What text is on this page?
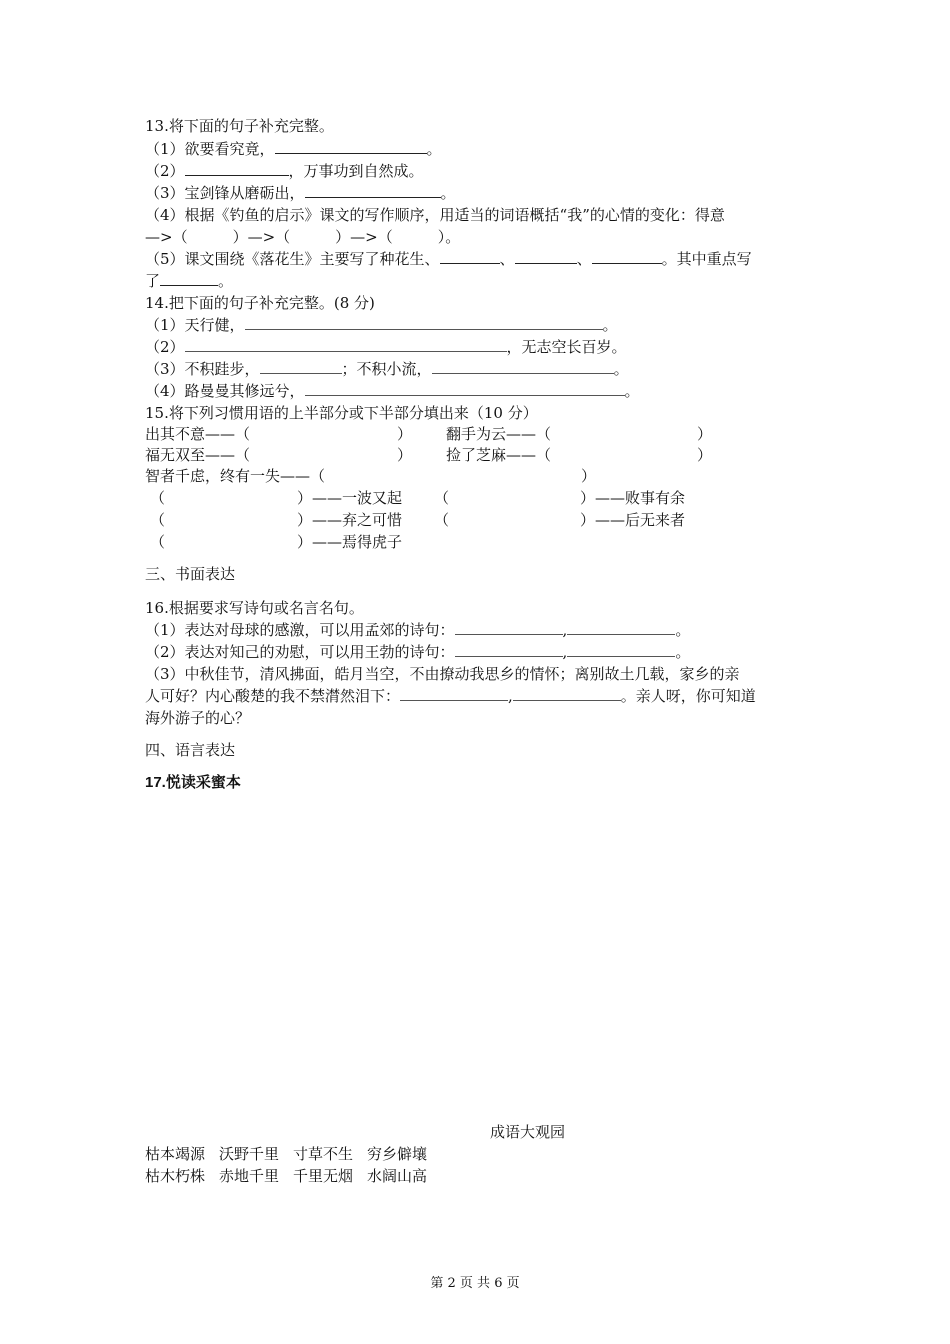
13.将下面的句子补充完整。
（1）欲要看究竟，	。
（2）	，万事功到自然成。
（3）宝剑锋从磨砺出，	。
（4）根据《钓鱼的启示》课文的写作顺序，用适当的词语概括“我”的心情的变化：得意
—>（　　　）—>（　　　）—>（　　　）。
（5）课文围绕《落花生》主要写了种花生、	、	、	。其中重点写
了	。
14.把下面的句子补充完整。(8 分)
（1）天行健，	。
（2）	，无志空长百岁。
（3）不积跬步，	；不积小流，	。
（4）路曼曼其修远兮，	。
15.将下列习惯用语的上半部分或下半部分填出来（10 分）
出其不意——（	） 翻手为云——（	）
福无双至——（	） 捡了芝麻——（	）
智者千虑，终有一失——（	）
（	）——一波又起 （	）——败事有余
（	）——弃之可惜 （	）——后无来者
（	）——焉得虎子
三、书面表达
16.根据要求写诗句或名言名句。
（1）表达对母球的感激，可以用孟郊的诗句：	,	。
（2）表达对知己的劝慰，可以用王勃的诗句：	,	。
（3）中秋佳节，清风拂面，皓月当空，不由撩动我思乡的情怀；离别故土几载，家乡的亲
人可好？内心酸楚的我不禁潸然泪下：	,	。亲人呀，你可知道
海外游子的心？
四、语言表达
17.悦读采蜜本
成语大观园
枯本竭源 沃野千里 寸草不生 穷乡僻壤
枯木朽株 赤地千里 千里无烟 水阔山高
第 2 页 共 6 页
